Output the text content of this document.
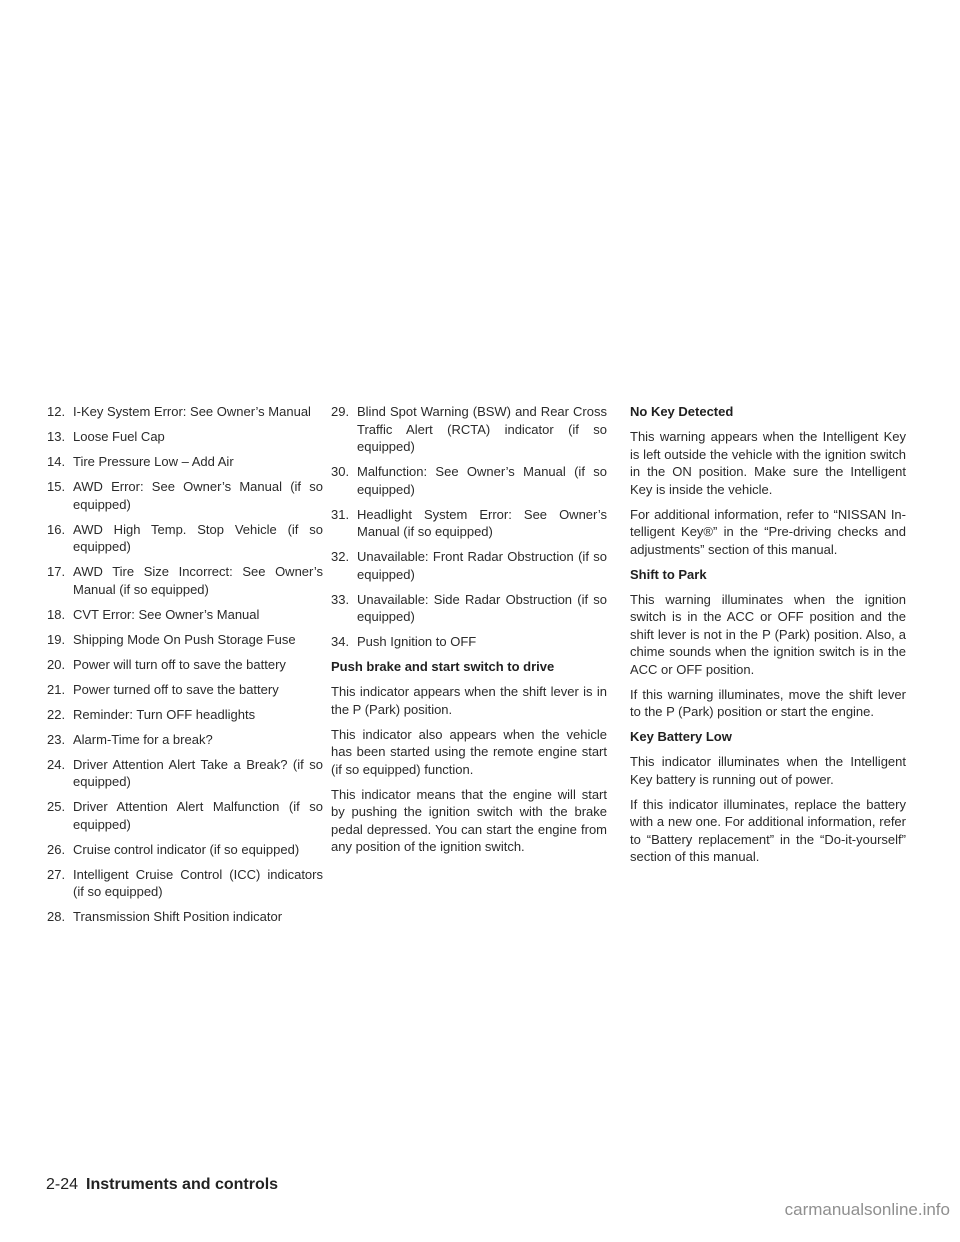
12. I-Key System Error: See Owner’s Manual
13. Loose Fuel Cap
14. Tire Pressure Low – Add Air
15. AWD Error: See Owner’s Manual (if so equipped)
16. AWD High Temp. Stop Vehicle (if so equipped)
17. AWD Tire Size Incorrect: See Owner’s Manual (if so equipped)
18. CVT Error: See Owner’s Manual
19. Shipping Mode On Push Storage Fuse
20. Power will turn off to save the battery
21. Power turned off to save the battery
22. Reminder: Turn OFF headlights
23. Alarm-Time for a break?
24. Driver Attention Alert Take a Break? (if so equipped)
25. Driver Attention Alert Malfunction (if so equipped)
26. Cruise control indicator (if so equipped)
27. Intelligent Cruise Control (ICC) indicators (if so equipped)
28. Transmission Shift Position indicator
29. Blind Spot Warning (BSW) and Rear Cross Traffic Alert (RCTA) indicator (if so equipped)
30. Malfunction: See Owner’s Manual (if so equipped)
31. Headlight System Error: See Owner’s Manual (if so equipped)
32. Unavailable: Front Radar Obstruction (if so equipped)
33. Unavailable: Side Radar Obstruction (if so equipped)
34. Push Ignition to OFF
Push brake and start switch to drive

This indicator appears when the shift lever is in the P (Park) position.

This indicator also appears when the vehicle has been started using the remote engine start (if so equipped) function.

This indicator means that the engine will start by pushing the ignition switch with the brake pedal depressed. You can start the engine from any position of the ignition switch.

No Key Detected

This warning appears when the Intelligent Key is left outside the vehicle with the ignition switch in the ON position. Make sure the Intelligent Key is inside the vehicle.

For additional information, refer to “NISSAN In-telligent Key®” in the “Pre-driving checks and adjustments” section of this manual.

Shift to Park

This warning illuminates when the ignition switch is in the ACC or OFF position and the shift lever is not in the P (Park) position. Also, a chime sounds when the ignition switch is in the ACC or OFF position.

If this warning illuminates, move the shift lever to the P (Park) position or start the engine.

Key Battery Low

This indicator illuminates when the Intelligent Key battery is running out of power.

If this indicator illuminates, replace the battery with a new one. For additional information, refer to “Battery replacement” in the “Do-it-yourself” section of this manual.

2-24 Instruments and controls
carmanualsonline.info
